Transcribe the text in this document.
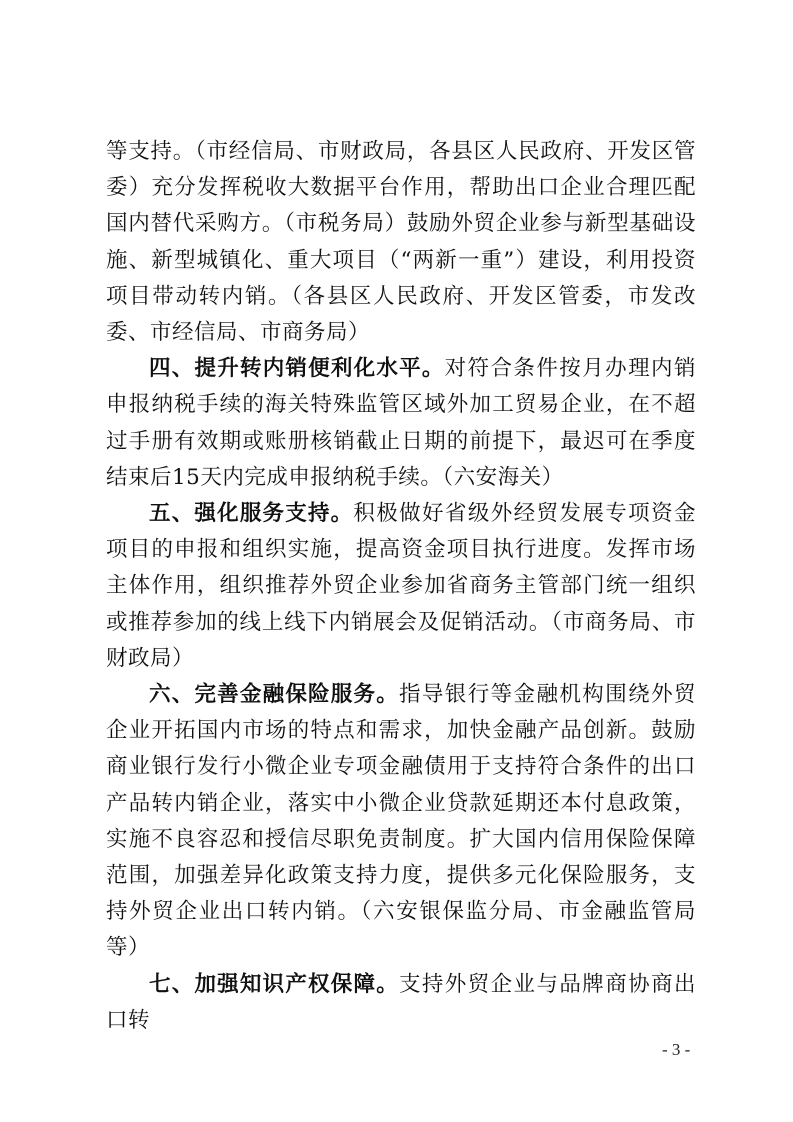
等支持。（市经信局、市财政局，各县区人民政府、开发区管委）充分发挥税收大数据平台作用，帮助出口企业合理匹配国内替代采购方。（市税务局）鼓励外贸企业参与新型基础设施、新型城镇化、重大项目（“两新一重”）建设，利用投资项目带动转内销。（各县区人民政府、开发区管委，市发改委、市经信局、市商务局）

四、提升转内销便利化水平。对符合条件按月办理内销申报纳税手续的海关特殊监管区域外加工贸易企业，在不超过手册有效期或账册核销截止日期的前提下，最迟可在季度结束后15天内完成申报纳税手续。（六安海关）

五、强化服务支持。积极做好省级外经贸发展专项资金项目的申报和组织实施，提高资金项目执行进度。发挥市场主体作用，组织推荐外贸企业参加省商务主管部门统一组织或推荐参加的线上线下内销展会及促销活动。（市商务局、市财政局）

六、完善金融保险服务。指导银行等金融机构围绕外贸企业开拓国内市场的特点和需求，加快金融产品创新。鼓励商业银行发行小微企业专项金融债用于支持符合条件的出口产品转内销企业，落实中小微企业贷款延期还本付息政策，实施不良容忍和授信尽职免责制度。扩大国内信用保险保障范围，加强差异化政策支持力度，提供多元化保险服务，支持外贸企业出口转内销。（六安银保监分局、市金融监管局等）

七、加强知识产权保障。支持外贸企业与品牌商协商出口转

- 3 -
